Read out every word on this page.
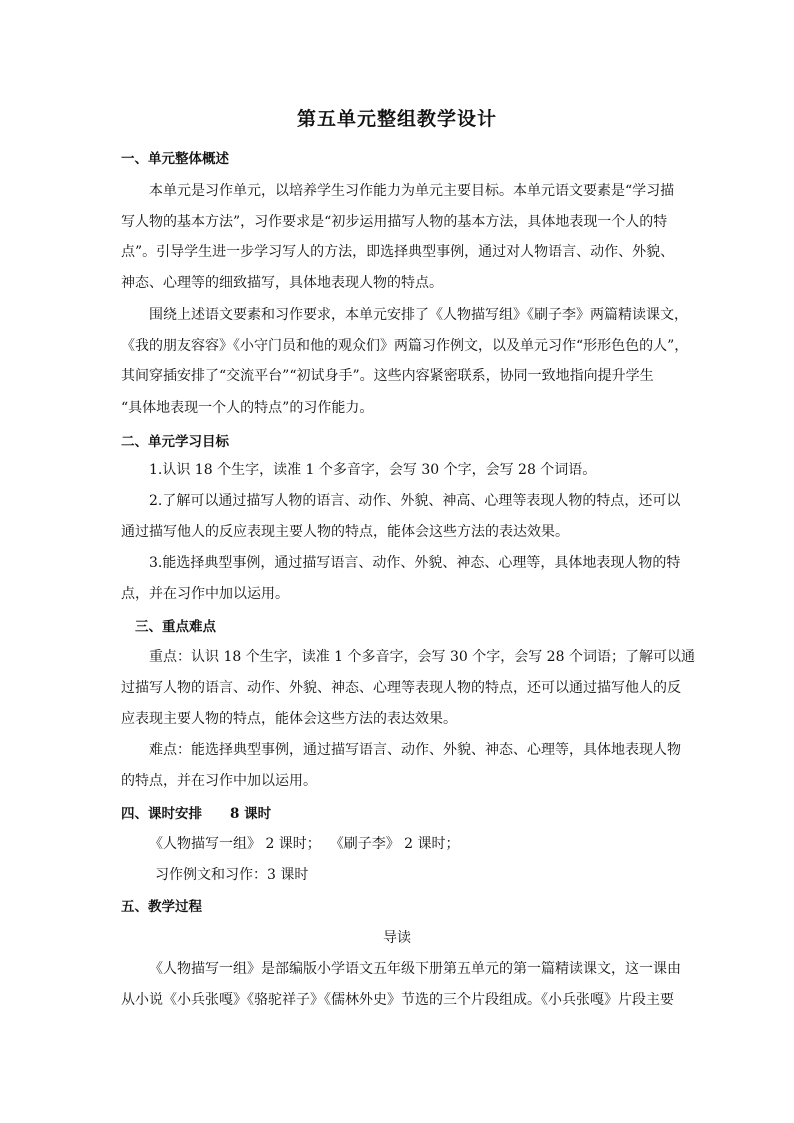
第五单元整组教学设计
一、单元整体概述
本单元是习作单元，以培养学生习作能力为单元主要目标。本单元语文要素是“学习描
写人物的基本方法”，习作要求是“初步运用描写人物的基本方法，具体地表现一个人的特
点”。引导学生进一步学习写人的方法，即选择典型事例，通过对人物语言、动作、外貌、
神态、心理等的细致描写，具体地表现人物的特点。
围绕上述语文要素和习作要求，本单元安排了《人物描写组》《刷子李》两篇精读课文，
《我的朋友容容》《小守门员和他的观众们》两篇习作例文，以及单元习作“形形色色的人”，
其间穿插安排了“交流平台”“初试身手”。这些内容紧密联系，协同一致地指向提升学生
“具体地表现一个人的特点”的习作能力。
二、单元学习目标
1.认识 18 个生字，读准 1 个多音字，会写 30 个字，会写 28 个词语。
2.了解可以通过描写人物的语言、动作、外貌、神高、心理等表现人物的特点，还可以
通过描写他人的反应表现主要人物的特点，能体会这些方法的表达效果。
3.能选择典型事例，通过描写语言、动作、外貌、神态、心理等，具体地表现人物的特
点，并在习作中加以运用。
三、重点难点
重点：认识 18 个生字，读准 1 个多音字，会写 30 个字，会写 28 个词语；了解可以通
过描写人物的语言、动作、外貌、神态、心理等表现人物的特点，还可以通过描写他人的反
应表现主要人物的特点，能体会这些方法的表达效果。
难点：能选择典型事例，通过描写语言、动作、外貌、神态、心理等，具体地表现人物
的特点，并在习作中加以运用。
四、课时安排 8 课时
《人物描写一组》 2 课时；  《刷子李》 2 课时；
习作例文和习作：3 课时
五、教学过程
导读
《人物描写一组》是部编版小学语文五年级下册第五单元的第一篇精读课文，这一课由
从小说《小兵张嘎》《骆驼祥子》《儒林外史》节选的三个片段组成。《小兵张嘎》片段主要
